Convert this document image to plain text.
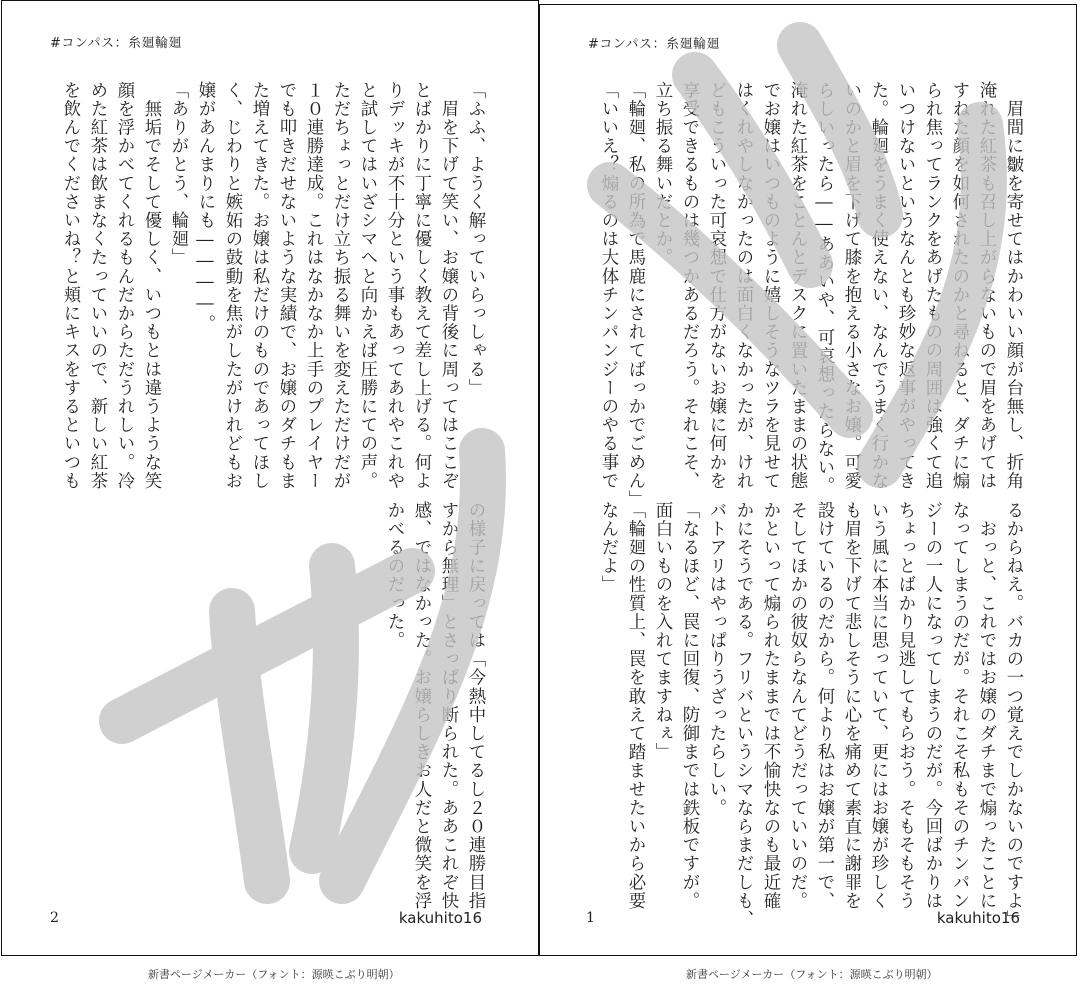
#コンパス：糸廻輪廻
「ふふ、ようく解っていらっしゃる」
　眉を下げて笑い、お嬢の背後に周ってはここぞ
とばかりに丁寧に優しく教えて差し上げる。何よ
りデッキが不十分という事もあってあれやこれや
と試してはいざシマへと向かえば圧勝にての声。
ただちょっとだけ立ち振る舞いを変えただけだが
１０連勝達成。これはなかなか上手のプレイヤー
でも叩きだせないような実績で、お嬢のダチもま
た増えてきた。お嬢は私だけのものであってほし
く、じわりと嫉妬の鼓動を焦がしたがけれどもお
嬢があんまりにも――――。
「ありがとう、輪廻」
　無垢でそして優しく、いつもとは違うような笑
顔を浮かべてくれるもんだからただうれしい。冷
めた紅茶は飲まなくたっていいので、新しい紅茶
を飲んでくださいね？と頬にキスをするといつも
の様子に戻っては「今熱中してるし２０連勝目指
すから無理」とさっぱり断られた。ああこれぞ快
感、ではなかった。お嬢らしきお人だと微笑を浮
かべるのだった。
2	kakuhito16
#コンパス：糸廻輪廻
　眉間に皺を寄せてはかわいい顔が台無し、折角
淹れた紅茶も召し上がらないもので眉をあげては
すねた顔を如何されたのかと尋ねると、ダチに煽
られ焦ってランクをあげたものの周囲は強くて追
いつけないというなんとも珍妙な返事がやってき
た。輪廻をうまく使えない、なんでうまく行かな
いのかと眉を下げて膝を抱える小さなお嬢。可愛
らしいったら――ああいや、可哀想ったらない。
淹れた紅茶をことんとデスクに置いたままの状態
でお嬢はいつものように嬉しそうなツラを見せて
はくれやしなかったのは面白くなかったが、けれ
どもこういった可哀想で仕方がないお嬢に何かを
享受できるものは幾つかあるだろう。それこそ、
立ち振る舞いだとか。
「輪廻、私の所為で馬鹿にされてばっかでごめん」
「いいえ？煽るのは大体チンパンジーのやる事で
るからねえ。バカの一つ覚えでしかないのですよ」
　おっと、これではお嬢のダチまで煽ったことに
なってしまうのだが。それこそ私もそのチンパン
ジーの一人になってしまうのだが。今回ばかりは
ちょっとばかり見逃してもらおう。そもそもそう
いう風に本当に思っていて、更にはお嬢が珍しく
も眉を下げて悲しそうに心を痛めて素直に謝罪を
設けているのだから。何より私はお嬢が第一で、
そしてほかの彼奴らなんてどうだっていいのだ。
かといって煽られたままでは不愉快なのも最近確
かにそうである。フリバというシマならまだしも、
バトアリはやっぱりうざったらしい。
「なるほど、罠に回復、防御までは鉄板ですが。
面白いものを入れてますねぇ」
「輪廻の性質上、罠を敢えて踏ませたいから必要
なんだよ」
1	kakuhito16
新書ページメーカー（フォント：源暎こぶり明朝）	新書ページメーカー（フォント：源暎こぶり明朝）
